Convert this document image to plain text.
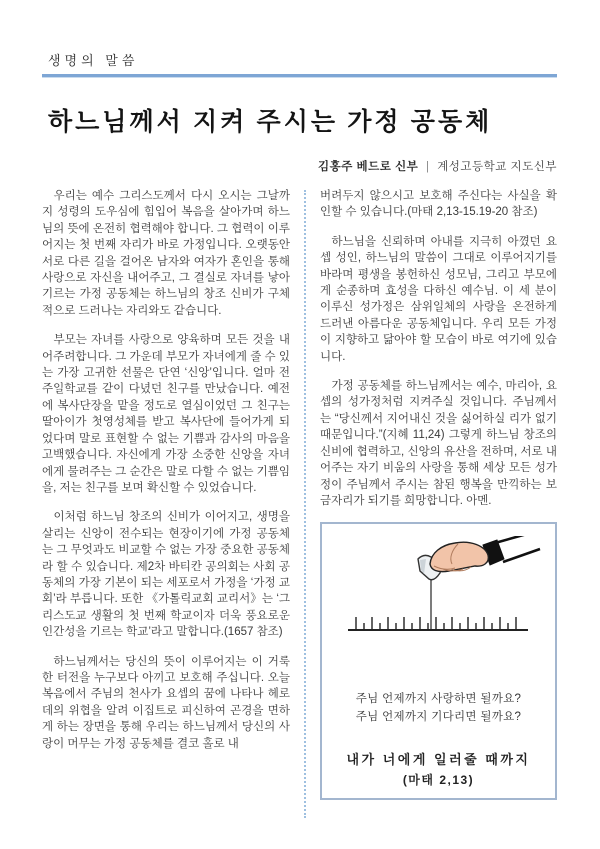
생명의 말씀
하느님께서 지켜 주시는 가정 공동체
김홍주 베드로 신부 | 계성고등학교 지도신부

우리는 예수 그리스도께서 다시 오시는 그날까지 성령의 도우심에 힘입어 복음을 살아가며 하느님의 뜻에 온전히 협력해야 합니다. 그 협력이 이루어지는 첫 번째 자리가 바로 가정입니다. 오랫동안 서로 다른 길을 걸어온 남자와 여자가 혼인을 통해 사랑으로 자신을 내어주고, 그 결실로 자녀를 낳아 기르는 가정 공동체는 하느님의 창조 신비가 구체적으로 드러나는 자리와도 같습니다.

부모는 자녀를 사랑으로 양육하며 모든 것을 내어주려합니다. 그 가운데 부모가 자녀에게 줄 수 있는 가장 고귀한 선물은 단연 ‘신앙’입니다. 얼마 전 주일학교를 같이 다녔던 친구를 만났습니다. 예전에 복사단장을 맡을 정도로 열심이었던 그 친구는 딸아이가 첫영성체를 받고 복사단에 들어가게 되었다며 말로 표현할 수 없는 기쁨과 감사의 마음을 고백했습니다. 자신에게 가장 소중한 신앙을 자녀에게 물려주는 그 순간은 말로 다할 수 없는 기쁨임을, 저는 친구를 보며 확신할 수 있었습니다.

이처럼 하느님 창조의 신비가 이어지고, 생명을 살리는 신앙이 전수되는 현장이기에 가정 공동체는 그 무엇과도 비교할 수 없는 가장 중요한 공동체라 할 수 있습니다. 제2차 바티칸 공의회는 사회 공동체의 가장 기본이 되는 세포로서 가정을 ‘가정 교회’라 부릅니다. 또한 《가톨릭교회 교리서》는 ‘그리스도교 생활의 첫 번째 학교이자 더욱 풍요로운 인간성을 기르는 학교’라고 말합니다.(1657 참조)

하느님께서는 당신의 뜻이 이루어지는 이 거룩한 터전을 누구보다 아끼고 보호해 주십니다. 오늘 복음에서 주님의 천사가 요셉의 꿈에 나타나 헤로데의 위협을 알려 이집트로 피신하여 곤경을 면하게 하는 장면을 통해 우리는 하느님께서 당신의 사랑이 머무는 가정 공동체를 결코 홀로 내

버려두지 않으시고 보호해 주신다는 사실을 확인할 수 있습니다.(마태 2,13-15.19-20 참조)

하느님을 신뢰하며 아내를 지극히 아꼈던 요셉 성인, 하느님의 말씀이 그대로 이루어지기를 바라며 평생을 봉헌하신 성모님, 그리고 부모에게 순종하며 효성을 다하신 예수님. 이 세 분이 이루신 성가정은 삼위일체의 사랑을 온전하게 드러낸 아름다운 공동체입니다. 우리 모든 가정이 지향하고 닮아야 할 모습이 바로 여기에 있습니다.

가정 공동체를 하느님께서는 예수, 마리아, 요셉의 성가정처럼 지켜주실 것입니다. 주님께서는 “당신께서 지어내신 것을 싫어하실 리가 없기 때문입니다.”(지혜 11,24) 그렇게 하느님 창조의 신비에 협력하고, 신앙의 유산을 전하며, 서로 내어주는 자기 비움의 사랑을 통해 세상 모든 성가정이 주님께서 주시는 참된 행복을 만끽하는 보금자리가 되기를 희망합니다. 아멘.

주님 언제까지 사랑하면 될까요?

주님 언제까지 기다리면 될까요?

내가 너에게 일러줄 때까지

(마태 2,13)
